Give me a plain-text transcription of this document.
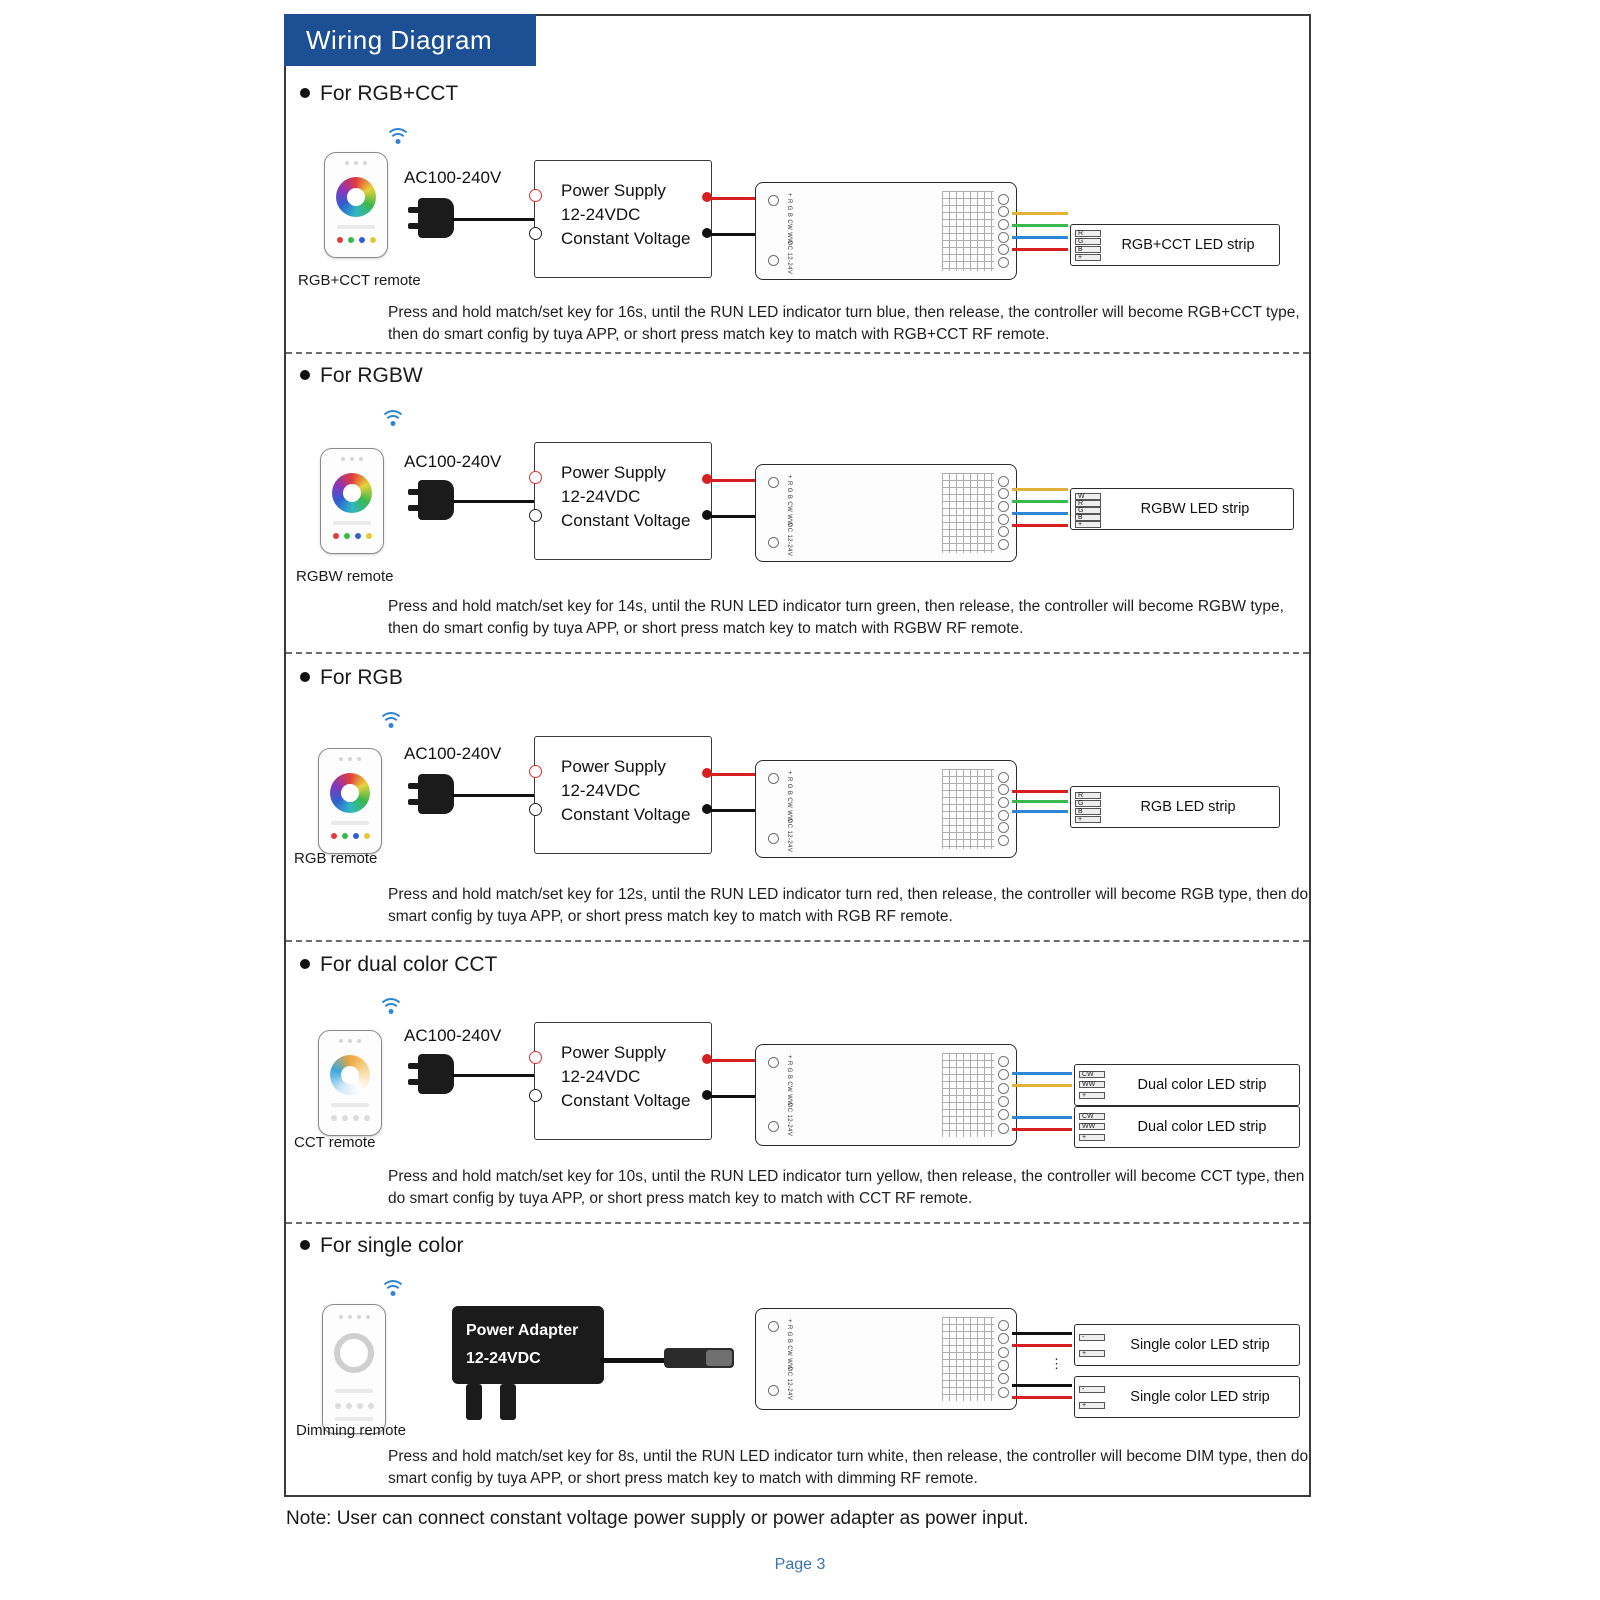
Wiring Diagram
For RGB+CCT
RGB+CCT remote
AC100-240V
Power Supply
12-24VDC
Constant Voltage	+ R G B CW WW
DC 12-24V
R
G
B
+
RGB+CCT LED strip
Press and hold match/set key for 16s, until the RUN LED indicator turn blue, then release, the controller will become RGB+CCT type, then do smart config by tuya APP, or short press match key to match with RGB+CCT RF remote.
For RGBW
RGBW remote
AC100-240V
Power Supply
12-24VDC
Constant Voltage	+ R G B CW WW
DC 12-24V
W
R
G
B
+
RGBW LED strip
Press and hold match/set key for 14s, until the RUN LED indicator turn green, then release, the controller will become RGBW type, then do smart config by tuya APP, or short press match key to match with RGBW RF remote.
For RGB
RGB remote
AC100-240V
Power Supply
12-24VDC
Constant Voltage	+ R G B CW WW
DC 12-24V
R
G
B
+
RGB LED strip
Press and hold match/set key for 12s, until the RUN LED indicator turn red, then release, the controller will become RGB type, then do smart config by tuya APP, or short press match key to match with RGB RF remote.
For dual color CCT
CCT remote
AC100-240V
Power Supply
12-24VDC
Constant Voltage	+ R G B CW WW
DC 12-24V
CW
WW
+
Dual color LED strip
CW
WW
+
Dual color LED strip
Press and hold match/set key for 10s, until the RUN LED indicator turn yellow, then release, the controller will become CCT type, then do smart config by tuya APP, or short press match key to match with CCT RF remote.
For single color
Dimming remote
Power Adapter
12-24VDC	+ R G B CW WW
DC 12-24V
⋮
-
+	Single color LED strip
-
+	Single color LED strip
Press and hold match/set key for 8s, until the RUN LED indicator turn white, then release, the controller will become DIM type, then do smart config by tuya APP, or short press match key to match with dimming RF remote.
Note: User can connect constant voltage power supply or power adapter as power input.
Page 3
